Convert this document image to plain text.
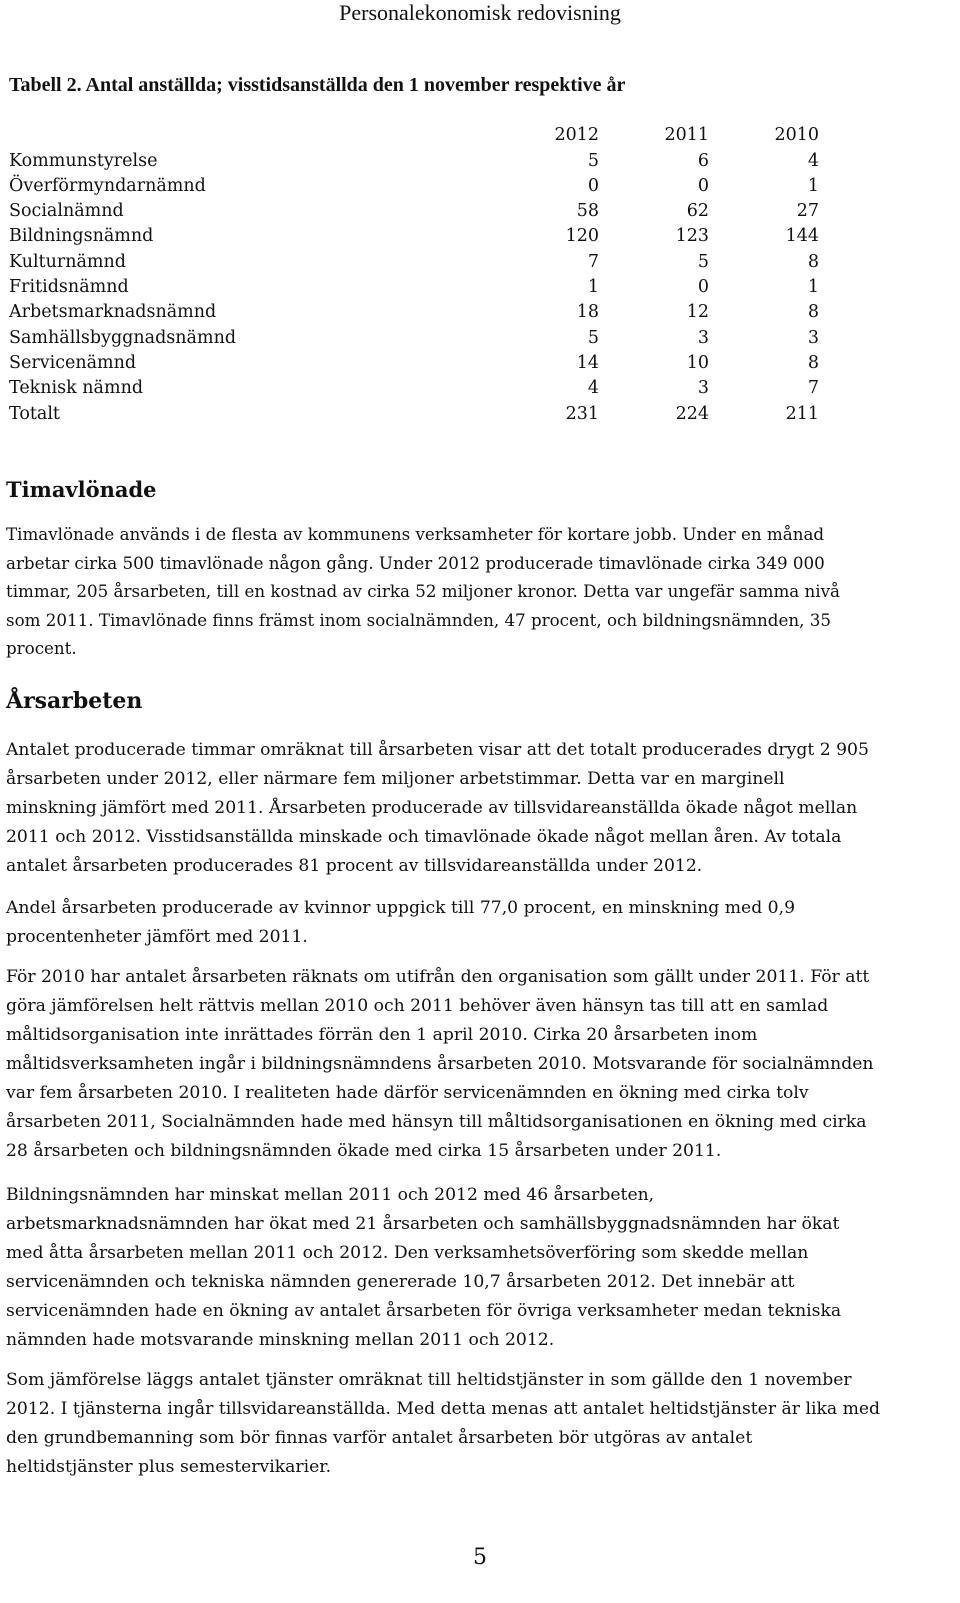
Personalekonomisk redovisning
Tabell 2. Antal anställda; visstidsanställda den 1 november respektive år
2012	2011	2010
Kommunstyrelse	5	6	4
Överförmyndarnämnd	0	0	1
Socialnämnd	58	62	27
Bildningsnämnd	120	123	144
Kulturnämnd	7	5	8
Fritidsnämnd	1	0	1
Arbetsmarknadsnämnd	18	12	8
Samhällsbyggnadsnämnd	5	3	3
Servicenämnd	14	10	8
Teknisk nämnd	4	3	7
Totalt	231	224	211
Timavlönade

Timavlönade används i de flesta av kommunens verksamheter för kortare jobb. Under en månad
arbetar cirka 500 timavlönade någon gång. Under 2012 producerade timavlönade cirka 349 000
timmar, 205 årsarbeten, till en kostnad av cirka 52 miljoner kronor. Detta var ungefär samma nivå
som 2011. Timavlönade finns främst inom socialnämnden, 47 procent, och bildningsnämnden, 35
procent.

Årsarbeten

Antalet producerade timmar omräknat till årsarbeten visar att det totalt producerades drygt 2 905
årsarbeten under 2012, eller närmare fem miljoner arbetstimmar. Detta var en marginell
minskning jämfört med 2011. Årsarbeten producerade av tillsvidareanställda ökade något mellan
2011 och 2012. Visstidsanställda minskade och timavlönade ökade något mellan åren. Av totala
antalet årsarbeten producerades 81 procent av tillsvidareanställda under 2012.

Andel årsarbeten producerade av kvinnor uppgick till 77,0 procent, en minskning med 0,9
procentenheter jämfört med 2011.

För 2010 har antalet årsarbeten räknats om utifrån den organisation som gällt under 2011. För att
göra jämförelsen helt rättvis mellan 2010 och 2011 behöver även hänsyn tas till att en samlad
måltidsorganisation inte inrättades förrän den 1 april 2010. Cirka 20 årsarbeten inom
måltidsverksamheten ingår i bildningsnämndens årsarbeten 2010. Motsvarande för socialnämnden
var fem årsarbeten 2010. I realiteten hade därför servicenämnden en ökning med cirka tolv
årsarbeten 2011, Socialnämnden hade med hänsyn till måltidsorganisationen en ökning med cirka
28 årsarbeten och bildningsnämnden ökade med cirka 15 årsarbeten under 2011.

Bildningsnämnden har minskat mellan 2011 och 2012 med 46 årsarbeten,
arbetsmarknadsnämnden har ökat med 21 årsarbeten och samhällsbyggnadsnämnden har ökat
med åtta årsarbeten mellan 2011 och 2012. Den verksamhetsöverföring som skedde mellan
servicenämnden och tekniska nämnden genererade 10,7 årsarbeten 2012. Det innebär att
servicenämnden hade en ökning av antalet årsarbeten för övriga verksamheter medan tekniska
nämnden hade motsvarande minskning mellan 2011 och 2012.

Som jämförelse läggs antalet tjänster omräknat till heltidstjänster in som gällde den 1 november
2012. I tjänsterna ingår tillsvidareanställda. Med detta menas att antalet heltidstjänster är lika med
den grundbemanning som bör finnas varför antalet årsarbeten bör utgöras av antalet
heltidstjänster plus semestervikarier.

5
